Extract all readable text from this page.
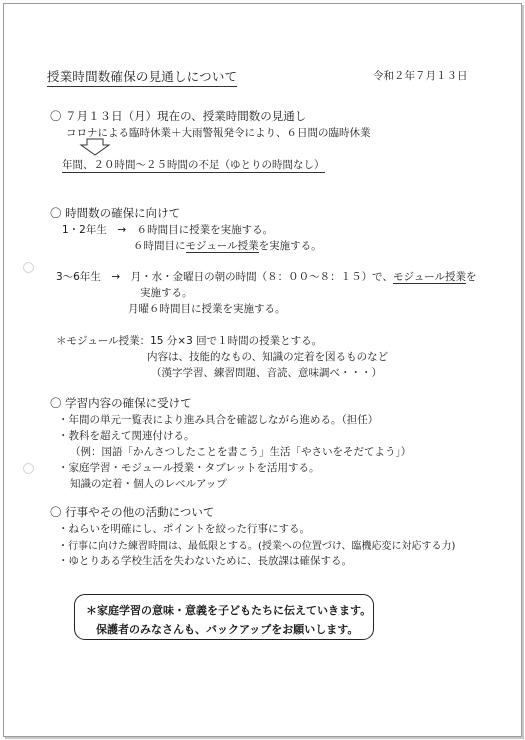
授業時間数確保の見通しについて	令和２年７月１３日
〇 ７月１３日（月）現在の、授業時間数の見通し
コロナによる臨時休業＋大雨警報発令により、６日間の臨時休業
年間、２０時間～２５時間の不足（ゆとりの時間なし）
〇 時間数の確保に向けて
1・2年生　→　６時間目に授業を実施する。
６時間目にモジュール授業を実施する。
3～6年生　→　月・水・金曜日の朝の時間（８：００～８：１５）で、モジュール授業を
実施する。
月曜６時間目に授業を実施する。
＊モジュール授業：15 分×3 回で１時間の授業とする。
内容は、技能的なもの、知識の定着を図るものなど
（漢字学習、練習問題、音読、意味調べ・・・）
〇 学習内容の確保に受けて
・年間の単元一覧表により進み具合を確認しながら進める。（担任）
・教科を超えて関連付ける。
（例：国語「かんさつしたことを書こう」生活「やさいをそだてよう」）
・家庭学習・モジュール授業・タブレットを活用する。
知識の定着・個人のレベルアップ
〇 行事やその他の活動について
・ねらいを明確にし、ポイントを絞った行事にする。
・行事に向けた練習時間は、最低限とする。(授業への位置づけ、臨機応変に対応する力)
・ゆとりある学校生活を失わないために、長放課は確保する。
＊家庭学習の意味・意義を子どもたちに伝えていきます。
保護者のみなさんも、バックアップをお願いします。
